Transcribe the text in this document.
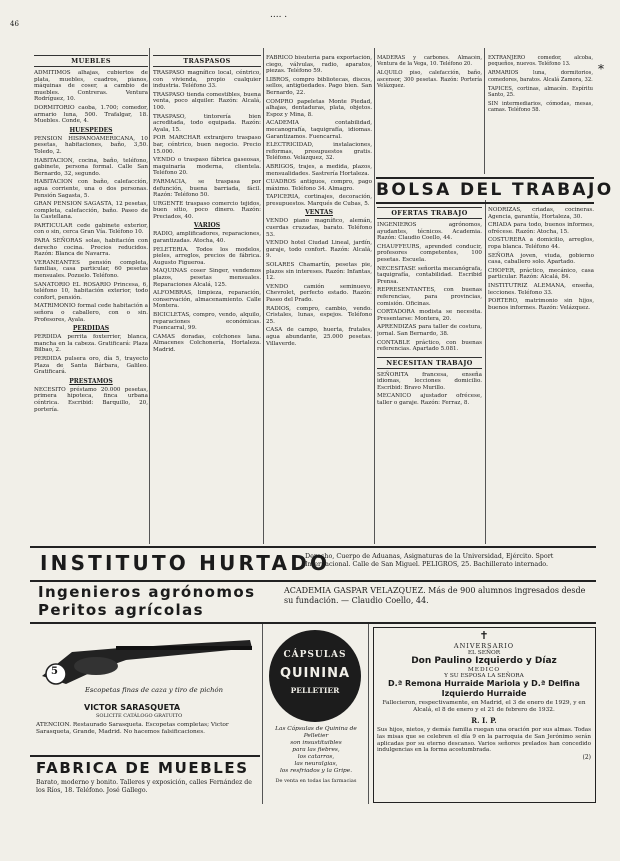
46
.... .
*
MUEBLES

ADMITIMOS alhajas, cubiertos de plata, muebles, cuadros, pianos, máquinas de coser, a cambio de muebles. Contreras. Ventura Rodríguez, 10.

DORMITORIO caoba, 1.700; comedor, armario luna, 500. Trafalgar, 18. Muebles. Conde, 4.

HUESPEDES

PENSION HISPANOAMERICANA, 10 pesetas, habitaciones, baño, 3,50. Toledo, 2.

HABITACION, cocina, baño, teléfono, gabinete, persona formal. Calle San Bernardo, 32, segundo.

HABITACION con baño, calefacción, agua corriente, una o dos personas. Pensión Sagasta, 5.

GRAN PENSION SAGASTA, 12 pesetas, completa, calefacción, baño. Paseo de la Castellana.

PARTICULAR cede gabinete exterior, con o sin, cerca Gran Vía. Teléfono 10.

PARA SEÑORAS solas, habitación con derecho cocina. Precios reducidos. Razón: Blanca de Navarra.

VERANEANTES pensión completa, familias, casa particular, 60 pesetas mensuales. Pozuelo. Teléfono.

SANATORIO EL ROSARIO Princesa, 6, teléfono 10, habitación exterior, todo confort, pensión.

MATRIMONIO formal cede habitación a señora o caballero, con o sin. Profesores, Ayala.

PERDIDAS

PERDIDA perrita foxterrier, blanca, mancha en la cabeza. Gratificará: Plaza Bilbao, 2.

PERDIDA pulsera oro, día 5, trayecto Plaza de Santa Bárbara, Galileo. Gratificará.

PRESTAMOS

NECESITO préstamo 20.000 pesetas, primera hipoteca, finca urbana céntrica. Escribid: Barquillo, 20, portería.

TRASPASOS

TRASPASO magnífico local, céntrico, con vivienda, propio cualquier industria. Teléfono 33.

TRASPASO tienda comestibles, buena venta, poco alquiler. Razón: Alcalá, 100.

TRASPASO, tintorería bien acreditada, todo equipada. Razón: Ayala, 15.

POR MARCHAR extranjero traspaso bar, céntrico, buen negocio. Precio 15.000.

VENDO o traspaso fábrica gaseosas, maquinaria moderna, clientela. Teléfono 20.

FARMACIA, se traspasa por defunción, buena barriada, fácil. Razón: Teléfono 50.

URGENTE traspaso comercio tejidos, buen sitio, poco dinero. Razón: Preciados, 40.

VARIOS

RADIO, amplificadores, reparaciones, garantizadas. Atocha, 40.

PELETERIA. Todos los modelos, pieles, arreglos, precios de fábrica. Augusto Figueroa.

MAQUINAS coser Singer, vendemos plazos, pesetas mensuales. Reparaciones Alcalá, 125.

ALFOMBRAS, limpieza, reparación, conservación, almacenamiento. Calle Montera.

BICICLETAS, compro, vendo, alquilo, reparaciones económicas. Fuencarral, 99.

CAMAS doradas, colchones lana. Almacenes Colchonería, Hortaleza. Madrid.

FABRICO bisutería para exportación, ciego, válvulas, radio, aparatos, piezas. Teléfono 59.

LIBROS, compro bibliotecas, discos, sellos, antigüedades. Pago bien. San Bernardo, 22.

COMPRO papeletas Monte Piedad, alhajas, dentaduras, plata, objetos. Espoz y Mina, 8.

ACADEMIA contabilidad, mecanografía, taquigrafía, idiomas. Garantizamos. Fuencarral.

ELECTRICIDAD, instalaciones, reformas, presupuestos gratis. Teléfono. Velázquez, 32.

ABRIGOS, trajes, a medida, plazos, mensualidades. Sastrería Hortaleza.

CUADROS antiguos, compro, pago máximo. Teléfono 34. Almagro.

TAPICERIA, cortinajes, decoración, presupuestos. Marqués de Cubas, 5.

VENTAS

VENDO piano magnífico, alemán, cuerdas cruzadas, barato. Teléfono 53.

VENDO hotel Ciudad Lineal, jardín, garaje, todo confort. Razón: Alcalá, 9.

SOLARES Chamartín, pesetas pie, plazos sin intereses. Razón: Infantas, 12.

VENDO camión seminuevo, Chevrolet, perfecto estado. Razón: Paseo del Prado.

RADIOS, compro, cambio, vendo. Cristales, lunas, espejos. Teléfono 25.

CASA de campo, huerta, frutales, agua abundante, 25.000 pesetas. Villaverde.

MADERAS y carbones. Almacén, Ventura de la Vega, 10. Teléfono 20.

ALQUILO piso, calefacción, baño, ascensor, 300 pesetas. Razón: Portería Velázquez.

EXTRANJERO comedor, alcoba, pequeños, nuevos. Teléfono 13.

ARMARIOS luna, dormitorios, comedores, baratos. Alcalá Zamora, 32.

TAPICES, cortinas, almacén. Espíritu Santo, 25.

SIN intermediarios, cómodas, mesas, camas. Teléfono 58.

BOLSA DEL TRABAJO
OFERTAS TRABAJO

INGENIEROS agrónomos, ayudantes, técnicos. Academia. Razón: Claudio Coello, 44.

CHAUFFEURS, aprended conducir, profesores competentes, 100 pesetas. Escuela.

NECESITASE señorita mecanógrafa, taquigrafía, contabilidad. Escribid Prensa.

REPRESENTANTES, con buenas referencias, para provincias, comisión. Oficinas.

CORTADORA modista se necesita. Presentarse: Montera, 20.

APRENDIZAS para taller de costura, jornal. San Bernardo, 38.

CONTABLE práctico, con buenas referencias. Apartado 5.081.

NECESITAN TRABAJO

SEÑORITA francesa, enseña idiomas, lecciones domicilio. Escribid: Bravo Murillo.

MECANICO ajustador ofrécese, taller o garaje. Razón: Ferraz, 8.

NODRIZAS, criadas, cocineras. Agencia, garantía, Hortaleza, 30.

CRIADA para todo, buenos informes, ofrécese. Razón: Atocha, 15.

COSTURERA a domicilio, arreglos, ropa blanca. Teléfono 44.

SEÑORA joven, viuda, gobierno casa, caballero solo. Apartado.

CHOFER, práctico, mecánico, casa particular. Razón: Alcalá, 84.

INSTITUTRIZ ALEMANA, enseña, lecciones. Teléfono 33.

PORTERO, matrimonio sin hijos, buenos informes. Razón: Velázquez.

INSTITUTO HURTADO
Derecho, Cuerpo de Aduanas, Asignaturas de la Universidad, Ejército. Sport Internacional. Calle de San Miguel. PELIGROS, 25. Bachillerato internado.
Ingenieros agrónomos
Peritos agrícolas
ACADEMIA GASPAR VELAZQUEZ. Más de 900 alumnos ingresados desde su fundación. — Claudio Coello, 44.
5
Escopetas finas de caza y tiro de pichón
VICTOR SARASQUETA
SOLICITE CATÁLOGO GRATUITO
ATENCION. Restaurado Sarasqueta. Escopetas completas; Victor Sarasqueta, Grande, Madrid. No hacemos falsificaciones.
FABRICA DE MUEBLES
Barato, moderno y bonito. Talleres y exposición, calles Fernández de los Ríos, 18. Teléfono. José Gallego.
CÁPSULAS
QUININA
PELLETIER
Las Cápsulas de Quinina de Pelletier
son insustituibles
para las fiebres,
los catarros,
las neuralgias,
los resfriados y la Gripe.
De venta en todas las farmacias
✝
ANIVERSARIO
EL SEÑOR
Don Paulino Izquierdo y Díaz
MEDICO
Y SU ESPOSA LA SEÑORA
D.ª Remona Hurraide Mariola y D.ª Delfina Izquierdo Hurraide
Fallecieron, respectivamente, en Madrid, el 3 de enero de 1929, y en Alcalá, el 8 de enero y el 21 de febrero de 1932.
R. I. P.
Sus hijos, nietos, y demás familia ruegan una oración por sus almas. Todas las misas que se celebren el día 9 en la parroquia de San Jerónimo serán aplicadas por su eterno descanso. Varios señores prelados han concedido indulgencias en la forma acostumbrada.
(2)
